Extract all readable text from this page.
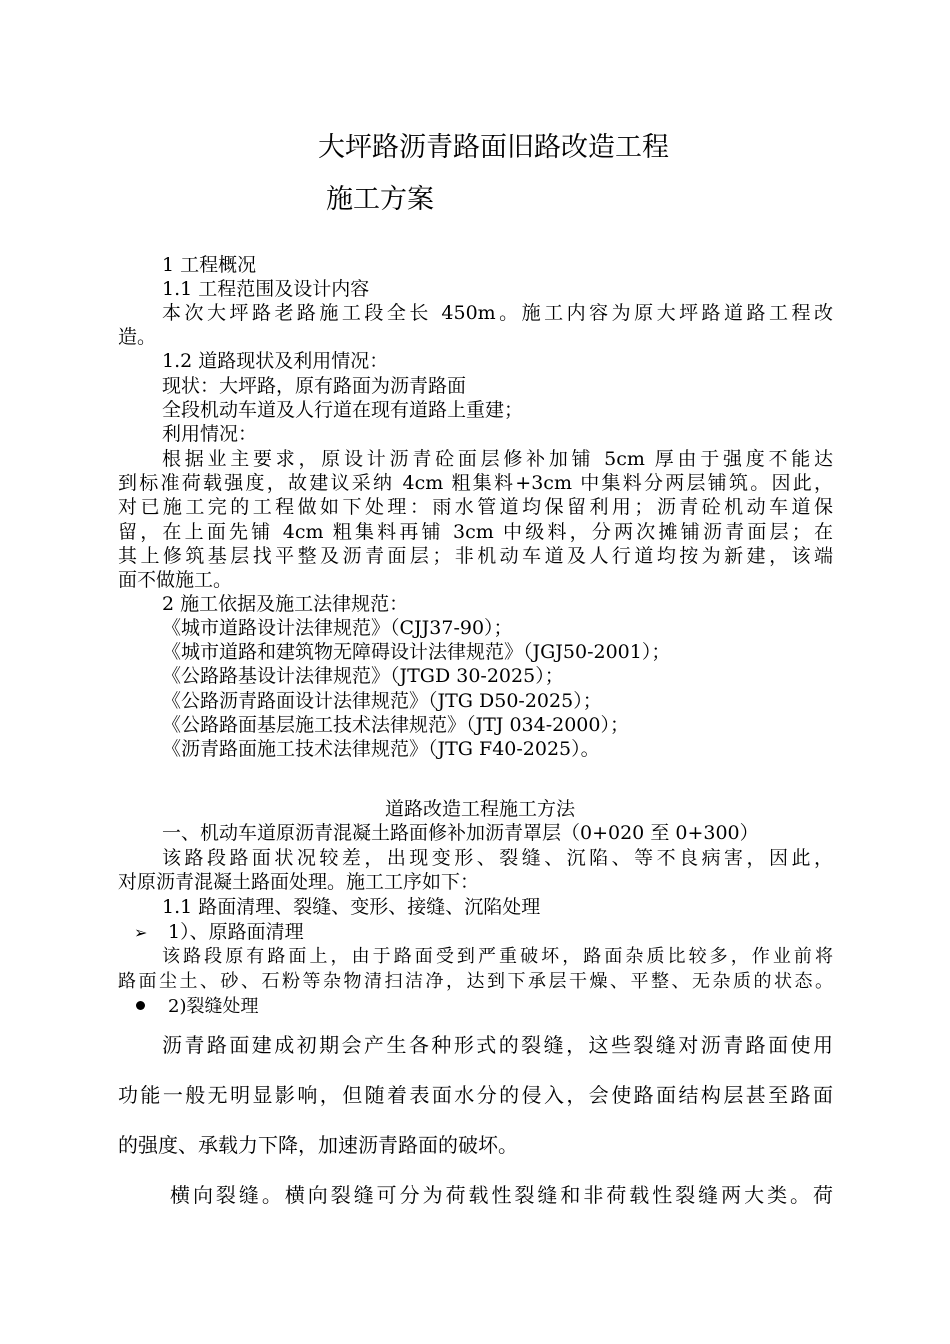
大坪路沥青路面旧路改造工程
施工方案
1 工程概况
1.1 工程范围及设计内容
本次大坪路老路施工段全长 450m。施工内容为原大坪路道路工程改
造。
1.2 道路现状及利用情况：
现状：大坪路，原有路面为沥青路面
全段机动车道及人行道在现有道路上重建；
利用情况：
根据业主要求，原设计沥青砼面层修补加铺 5cm 厚由于强度不能达
到标准荷载强度，故建议采纳 4cm 粗集料+3cm 中集料分两层铺筑。因此，
对已施工完的工程做如下处理：雨水管道均保留利用；沥青砼机动车道保
留，在上面先铺 4cm 粗集料再铺 3cm 中级料，分两次摊铺沥青面层；在
其上修筑基层找平整及沥青面层；非机动车道及人行道均按为新建，该端
面不做施工。
2 施工依据及施工法律规范：
《城市道路设计法律规范》（CJJ37-90）；
《城市道路和建筑物无障碍设计法律规范》（JGJ50-2001）；
《公路路基设计法律规范》（JTGD 30-2025）；
《公路沥青路面设计法律规范》（JTG D50-2025）；
《公路路面基层施工技术法律规范》（JTJ 034-2000）；
《沥青路面施工技术法律规范》（JTG F40-2025）。
道路改造工程施工方法
一、机动车道原沥青混凝土路面修补加沥青罩层（0+020 至 0+300）
该路段路面状况较差，出现变形、裂缝、沉陷、等不良病害，因此，
对原沥青混凝土路面处理。施工工序如下：
1.1 路面清理、裂缝、变形、接缝、沉陷处理
➢ 1）、原路面清理
该路段原有路面上，由于路面受到严重破坏，路面杂质比较多，作业前将
路面尘土、砂、石粉等杂物清扫洁净，达到下承层干燥、平整、无杂质的状态。
2)裂缝处理
沥青路面建成初期会产生各种形式的裂缝，这些裂缝对沥青路面使用
功能一般无明显影响，但随着表面水分的侵入，会使路面结构层甚至路面
的强度、承载力下降，加速沥青路面的破坏。
横向裂缝。横向裂缝可分为荷载性裂缝和非荷载性裂缝两大类。荷
